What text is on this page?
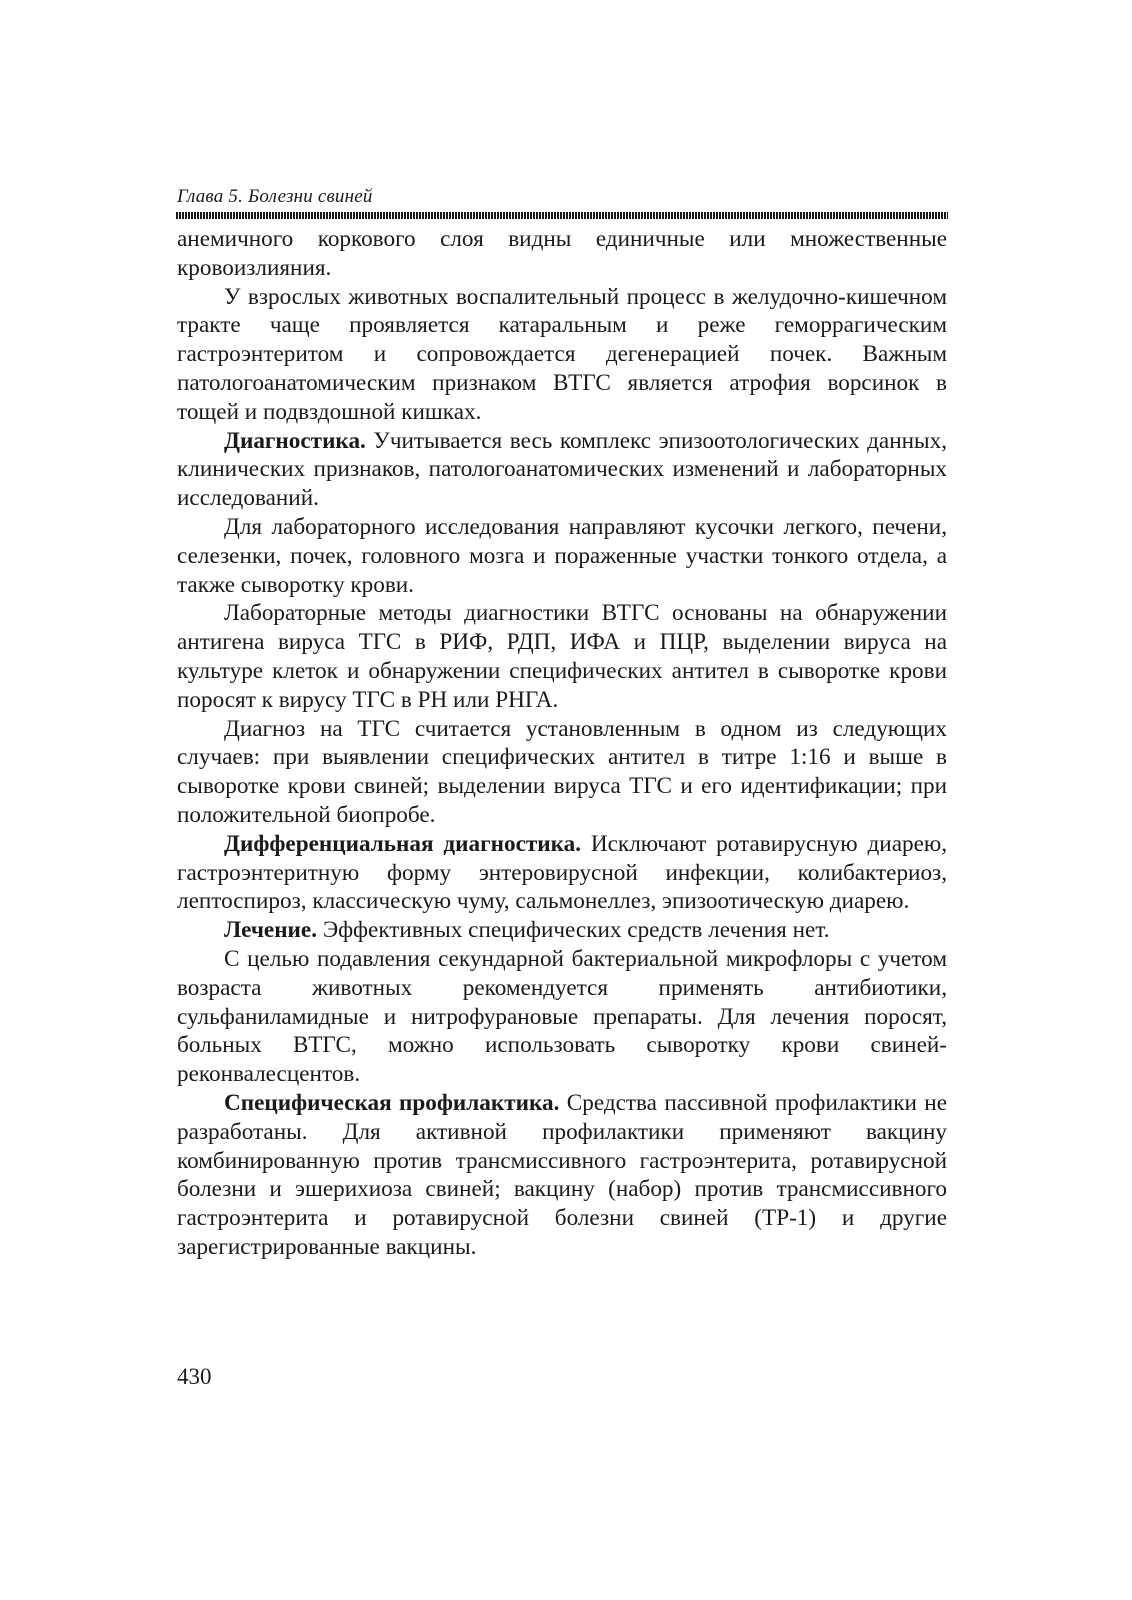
Глава 5. Болезни свиней

анемичного коркового слоя видны единичные или множественные кровоизлияния.

У взрослых животных воспалительный процесс в желудочно-кишечном тракте чаще проявляется катаральным и реже геморрагическим гастроэнтеритом и сопровождается дегенерацией почек. Важным патологоанатомическим признаком ВТГС является атрофия ворсинок в тощей и подвздошной кишках.

Диагностика. Учитывается весь комплекс эпизоотологических данных, клинических признаков, патологоанатомических изменений и лабораторных исследований.

Для лабораторного исследования направляют кусочки легкого, печени, селезенки, почек, головного мозга и пораженные участки тонкого отдела, а также сыворотку крови.

Лабораторные методы диагностики ВТГС основаны на обнаружении антигена вируса ТГС в РИФ, РДП, ИФА и ПЦР, выделении вируса на культуре клеток и обнаружении специфических антител в сыворотке крови поросят к вирусу ТГС в РН или РНГА.

Диагноз на ТГС считается установленным в одном из следующих случаев: при выявлении специфических антител в титре 1:16 и выше в сыворотке крови свиней; выделении вируса ТГС и его идентификации; при положительной биопробе.

Дифференциальная диагностика. Исключают ротавирусную диарею, гастроэнтеритную форму энтеровирусной инфекции, колибактериоз, лептоспироз, классическую чуму, сальмонеллез, эпизоотическую диарею.

Лечение. Эффективных специфических средств лечения нет.

С целью подавления секундарной бактериальной микрофлоры с учетом возраста животных рекомендуется применять антибиотики, сульфаниламидные и нитрофурановые препараты. Для лечения поросят, больных ВТГС, можно использовать сыворотку крови свиней-реконвалесцентов.

Специфическая профилактика. Средства пассивной профилактики не разработаны. Для активной профилактики применяют вакцину комбинированную против трансмиссивного гастроэнтерита, ротавирусной болезни и эшерихиоза свиней; вакцину (набор) против трансмиссивного гастроэнтерита и ротавирусной болезни свиней (ТР-1) и другие зарегистрированные вакцины.

430
